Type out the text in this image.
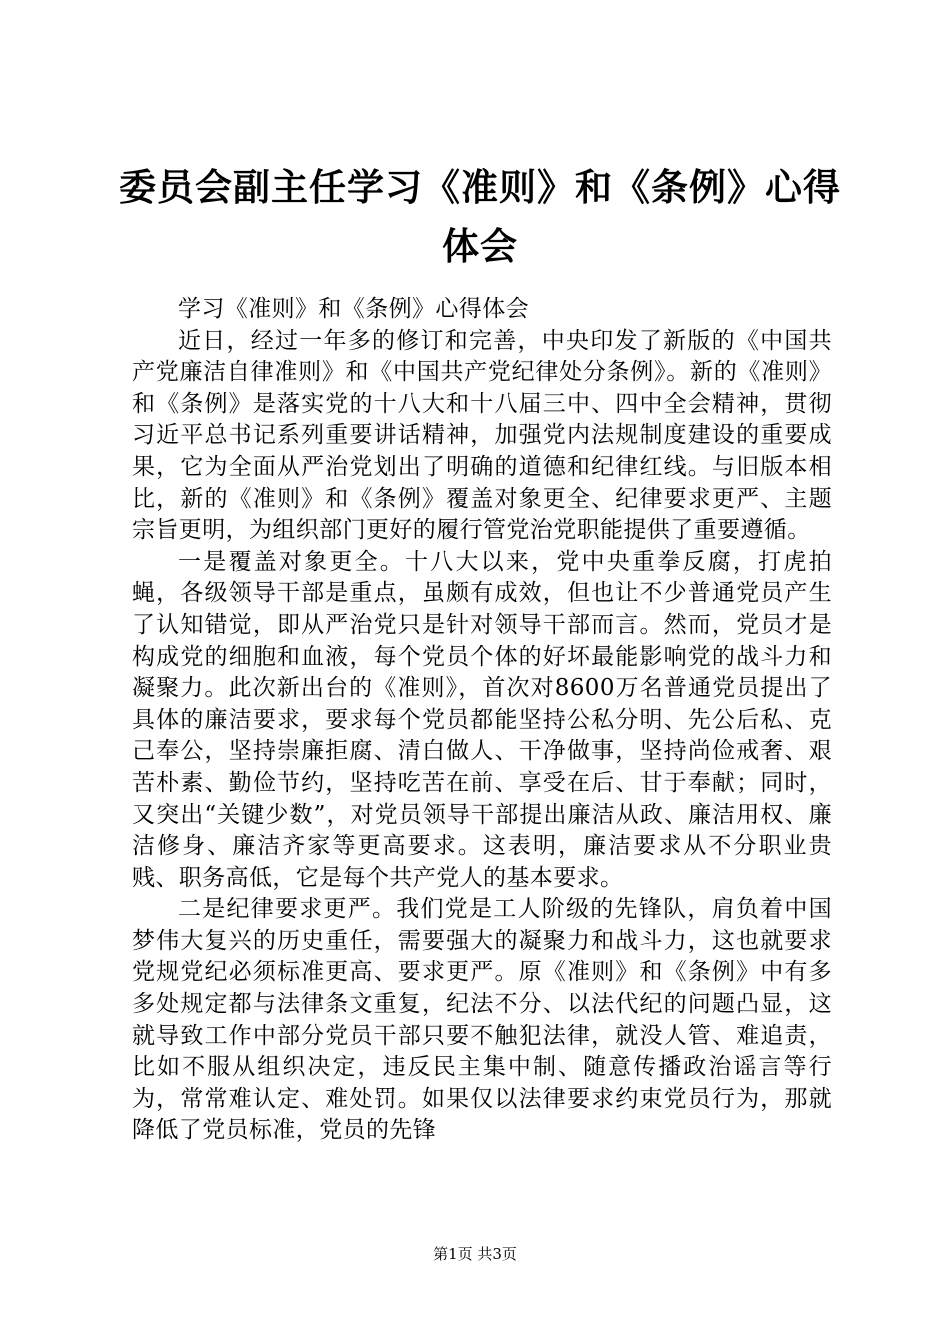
委员会副主任学习《准则》和《条例》心得体会

学习《准则》和《条例》心得体会

近日，经过一年多的修订和完善，中央印发了新版的《中国共产党廉洁自律准则》和《中国共产党纪律处分条例》。新的《准则》和《条例》是落实党的十八大和十八届三中、四中全会精神，贯彻习近平总书记系列重要讲话精神，加强党内法规制度建设的重要成果，它为全面从严治党划出了明确的道德和纪律红线。与旧版本相比，新的《准则》和《条例》覆盖对象更全、纪律要求更严、主题宗旨更明，为组织部门更好的履行管党治党职能提供了重要遵循。

一是覆盖对象更全。十八大以来，党中央重拳反腐，打虎拍蝇，各级领导干部是重点，虽颇有成效，但也让不少普通党员产生了认知错觉，即从严治党只是针对领导干部而言。然而，党员才是构成党的细胞和血液，每个党员个体的好坏最能影响党的战斗力和凝聚力。此次新出台的《准则》，首次对8600万名普通党员提出了具体的廉洁要求，要求每个党员都能坚持公私分明、先公后私、克己奉公，坚持崇廉拒腐、清白做人、干净做事，坚持尚俭戒奢、艰苦朴素、勤俭节约，坚持吃苦在前、享受在后、甘于奉献；同时，又突出“关键少数”，对党员领导干部提出廉洁从政、廉洁用权、廉洁修身、廉洁齐家等更高要求。这表明，廉洁要求从不分职业贵贱、职务高低，它是每个共产党人的基本要求。

二是纪律要求更严。我们党是工人阶级的先锋队，肩负着中国梦伟大复兴的历史重任，需要强大的凝聚力和战斗力，这也就要求党规党纪必须标准更高、要求更严。原《准则》和《条例》中有多多处规定都与法律条文重复，纪法不分、以法代纪的问题凸显，这就导致工作中部分党员干部只要不触犯法律，就没人管、难追责，比如不服从组织决定，违反民主集中制、随意传播政治谣言等行为，常常难认定、难处罚。如果仅以法律要求约束党员行为，那就降低了党员标准，党员的先锋

第1页 共3页
